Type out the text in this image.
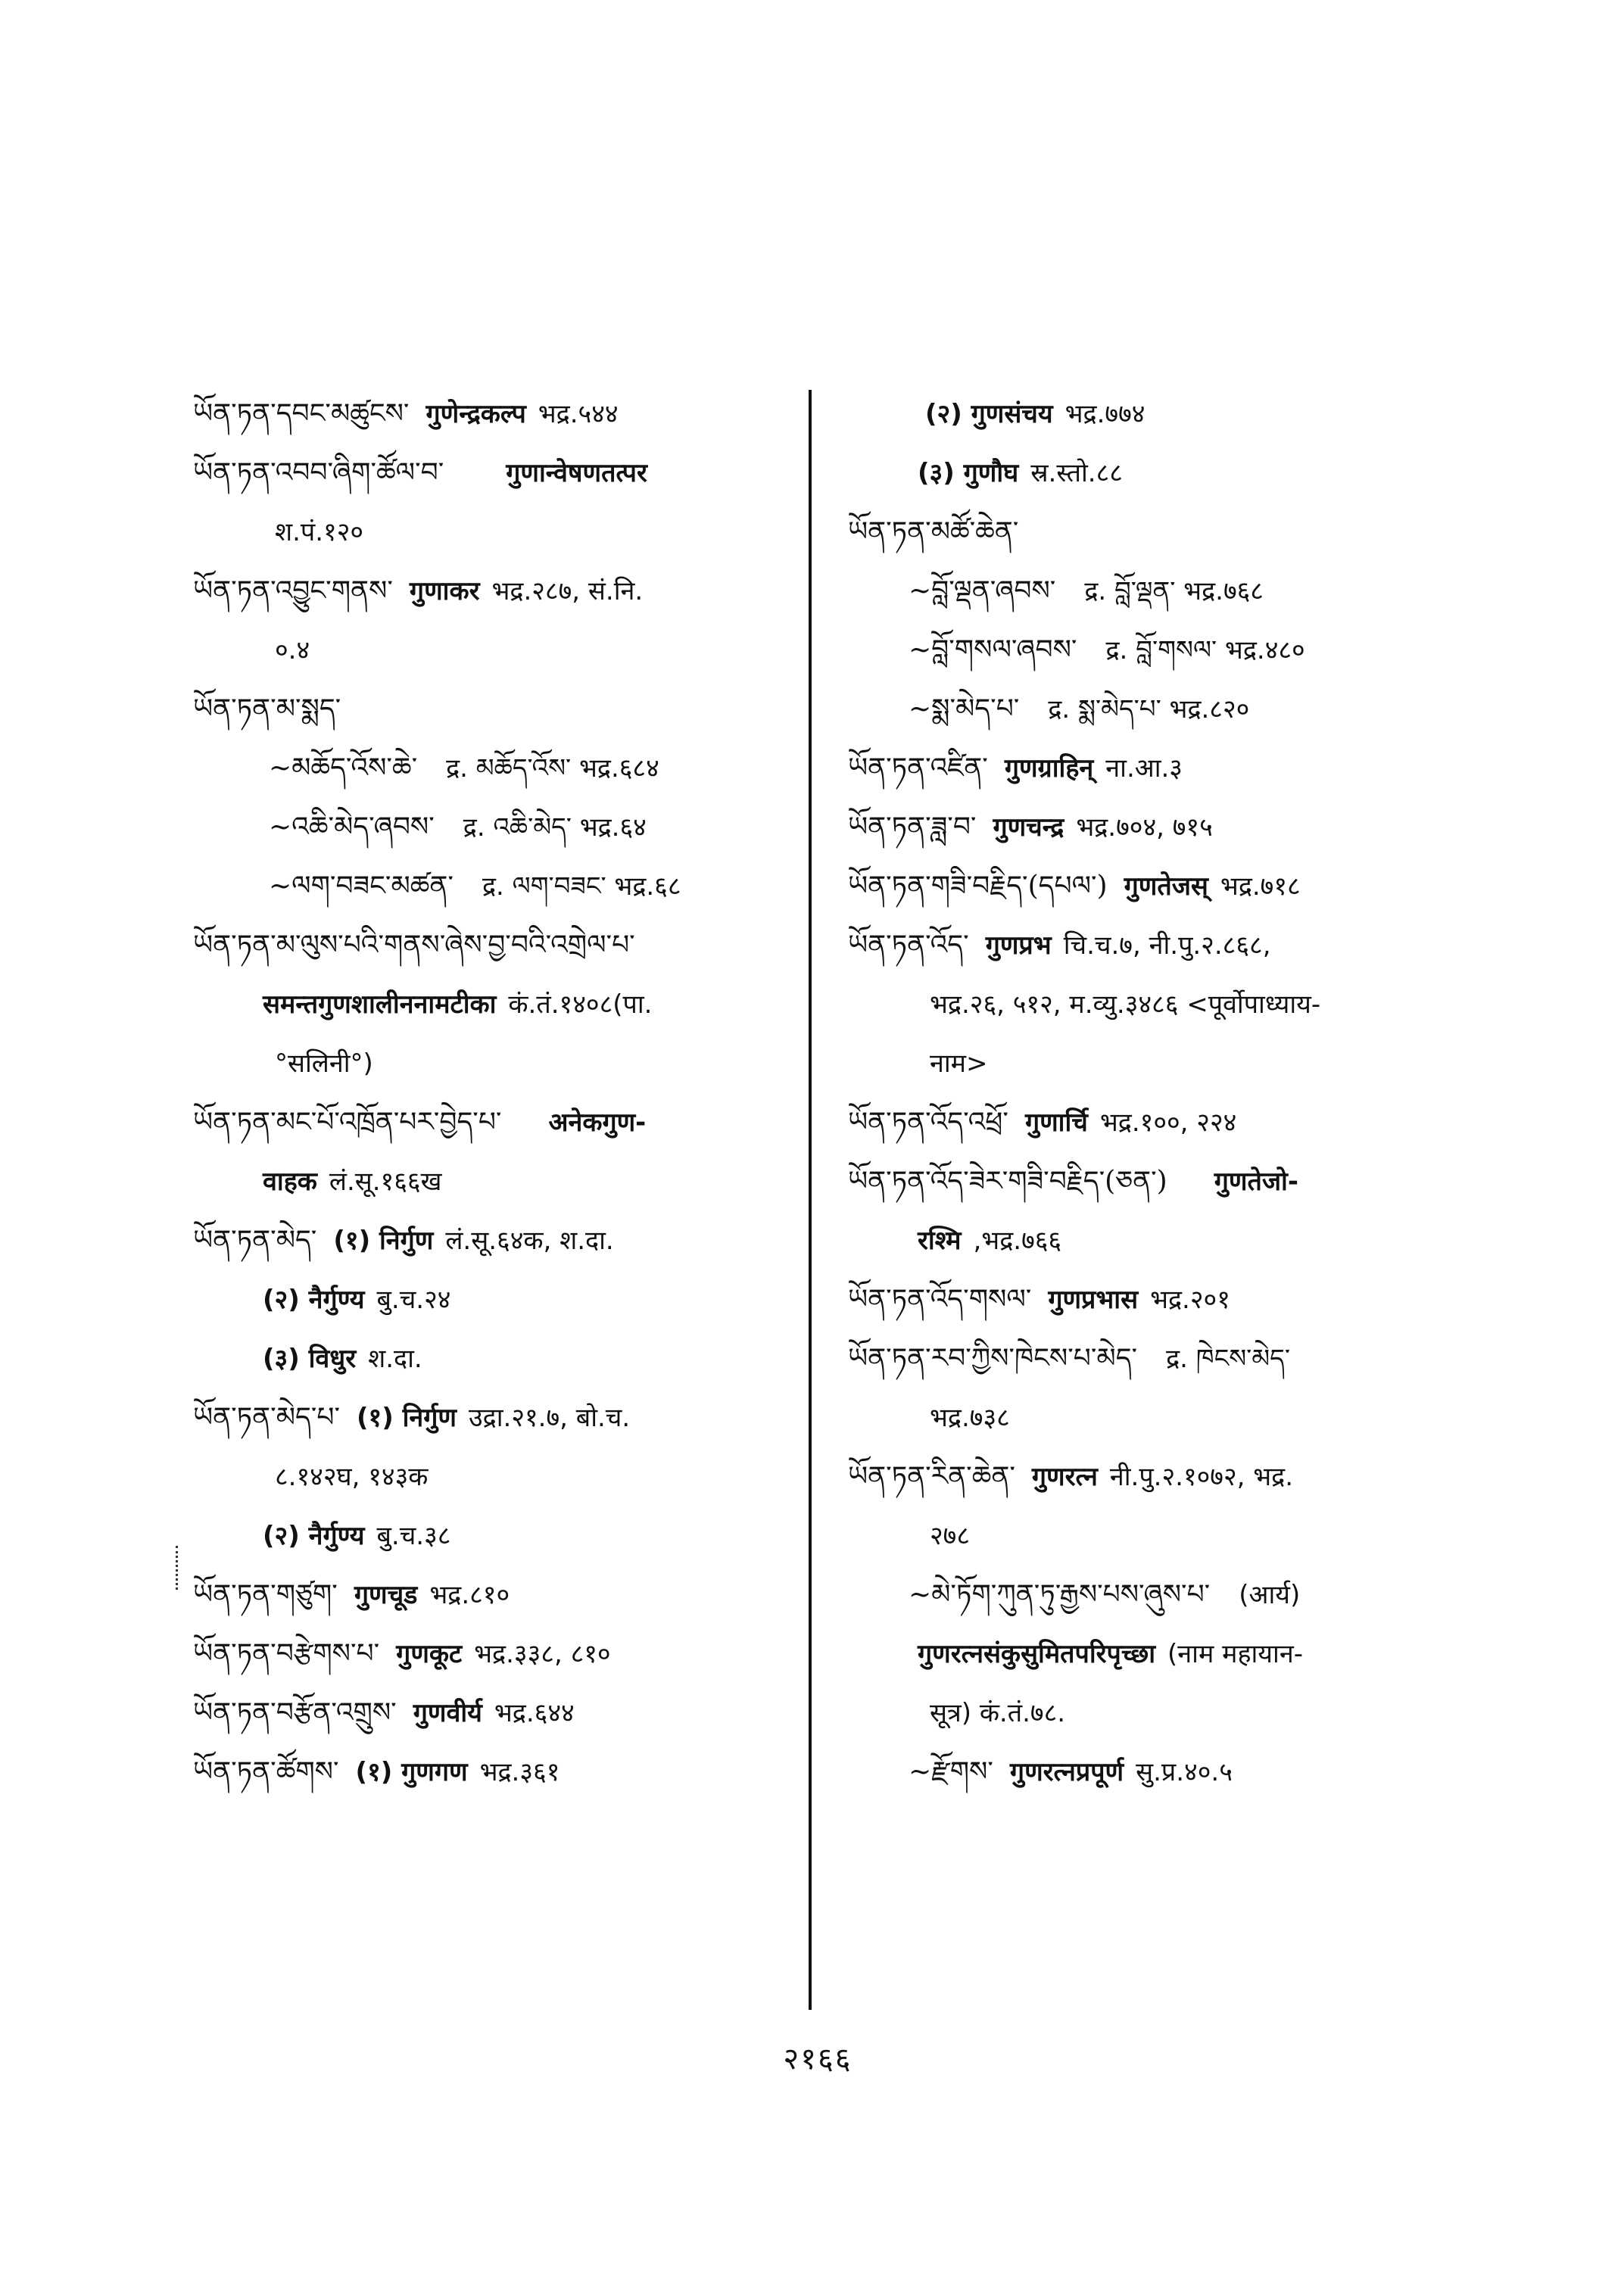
ཡོན་ཏན་དབང་མཚུངས་ गुणेन्द्रकल्प भद्र.५४४
ཡོན་ཏན་འབབ་ཞིག་ཚོལ་བ་ गुणान्वेषणतत्पर
श.पं.१२०
ཡོན་ཏན་འབྱུང་གནས་ गुणाकर भद्र.२८७, सं.नि.
०.४
ཡོན་ཏན་མ་སྨད་
~མཆོད་འོས་ཆེ་ द्र. མཆོད་འོས་ भद्र.६८४
~འཆི་མེད་ཞབས་ द्र. འཆི་མེད་ भद्र.६४
~ལག་བཟང་མཚན་ द्र. ལག་བཟང་ भद्र.६८
ཡོན་ཏན་མ་ལུས་པའི་གནས་ཞེས་བྱ་བའི་འགྲེལ་པ་
समन्तगुणशालीननामटीका कं.तं.१४०८(पा.
°सलिनी°)
ཡོན་ཏན་མང་པོ་འཁྲོན་པར་བྱེད་པ་ अनेकगुण-
वाहक लं.सू.१६६ख
ཡོན་ཏན་མེད་ (१) निर्गुण लं.सू.६४क, श.दा.
(२) नैर्गुण्य बु.च.२४
(३) विधुर श.दा.
ཡོན་ཏན་མེད་པ་ (१) निर्गुण उद्रा.२१.७, बो.च.
८.१४२घ, १४३क
(२) नैर्गुण्य बु.च.३८
ཡོན་ཏན་གཙུག་ गुणचूड भद्र.८१०
ཡོན་ཏན་བརྩེགས་པ་ गुणकूट भद्र.३३८, ८१०
ཡོན་ཏན་བརྩོན་འགྲུས་ गुणवीर्य भद्र.६४४
ཡོན་ཏན་ཚོགས་ (१) गुणगण भद्र.३६१
(२) गुणसंचय भद्र.७७४
(३) गुणौघ स्र.स्तो.८८
ཡོན་ཏན་མཚོ་ཆེན་
~བློ་ལྡན་ཞབས་ द्र. བློ་ལྡན་ भद्र.७६८
~བློ་གསལ་ཞབས་ द्र. བློ་གསལ་ भद्र.४८०
~སྨ་མེད་པ་ द्र. སྨ་མེད་པ་ भद्र.८२०
ཡོན་ཏན་འཛིན་ गुणग्राहिन् ना.आ.३
ཡོན་ཏན་ཟླ་བ་ गुणचन्द्र भद्र.७०४, ७१५
ཡོན་ཏན་གཟི་བརྗིད་(དཔལ་) गुणतेजस् भद्र.७१८
ཡོན་ཏན་འོད་ गुणप्रभ चि.च.७, नी.पु.२.८६८,
भद्र.२६, ५१२, म.व्यु.३४८६ <पूर्वोपाध्याय-
नाम>
ཡོན་ཏན་འོད་འཕྲོ་ गुणार्चि भद्र.१००, २२४
ཡོན་ཏན་འོད་ཟེར་གཟི་བརྗིད་(ཅན་) गुणतेजो-
रश्मि ,भद्र.७६६
ཡོན་ཏན་འོད་གསལ་ गुणप्रभास भद्र.२०१
ཡོན་ཏན་རབ་ཀྱིས་ཁེངས་པ་མེད་ द्र. ཁེངས་མེད་
भद्र.७३८
ཡོན་ཏན་རིན་ཆེན་ गुणरत्न नी.पु.२.१०७२, भद्र.
२७८
~མེ་ཏོག་ཀུན་ཏུ་རྒྱས་པས་ཞུས་པ་ (आर्य)
गुणरत्नसंकुसुमितपरिपृच्छा (नाम महायान-
सूत्र) कं.तं.७८.
~རྫོགས་ गुणरत्नप्रपूर्ण सु.प्र.४०.५
२१६६
